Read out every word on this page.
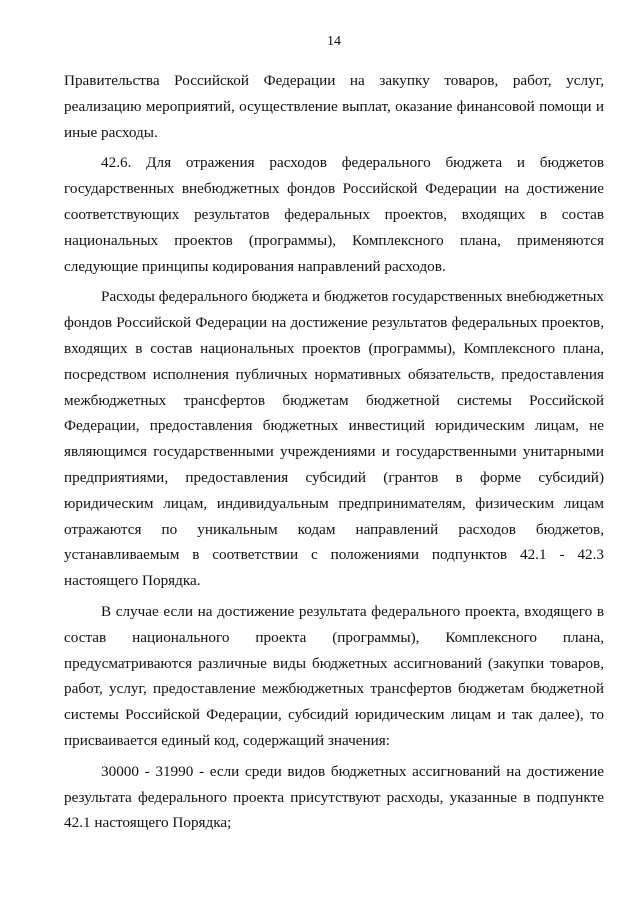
14

Правительства Российской Федерации на закупку товаров, работ, услуг, реализацию мероприятий, осуществление выплат, оказание финансовой помощи и иные расходы.

42.6. Для отражения расходов федерального бюджета и бюджетов государственных внебюджетных фондов Российской Федерации на достижение соответствующих результатов федеральных проектов, входящих в состав национальных проектов (программы), Комплексного плана, применяются следующие принципы кодирования направлений расходов.

Расходы федерального бюджета и бюджетов государственных внебюджетных фондов Российской Федерации на достижение результатов федеральных проектов, входящих в состав национальных проектов (программы), Комплексного плана, посредством исполнения публичных нормативных обязательств, предоставления межбюджетных трансфертов бюджетам бюджетной системы Российской Федерации, предоставления бюджетных инвестиций юридическим лицам, не являющимся государственными учреждениями и государственными унитарными предприятиями, предоставления субсидий (грантов в форме субсидий) юридическим лицам, индивидуальным предпринимателям, физическим лицам отражаются по уникальным кодам направлений расходов бюджетов, устанавливаемым в соответствии с положениями подпунктов 42.1 - 42.3 настоящего Порядка.

В случае если на достижение результата федерального проекта, входящего в состав национального проекта (программы), Комплексного плана, предусматриваются различные виды бюджетных ассигнований (закупки товаров, работ, услуг, предоставление межбюджетных трансфертов бюджетам бюджетной системы Российской Федерации, субсидий юридическим лицам и так далее), то присваивается единый код, содержащий значения:

30000 - 31990 - если среди видов бюджетных ассигнований на достижение результата федерального проекта присутствуют расходы, указанные в подпункте 42.1 настоящего Порядка;
